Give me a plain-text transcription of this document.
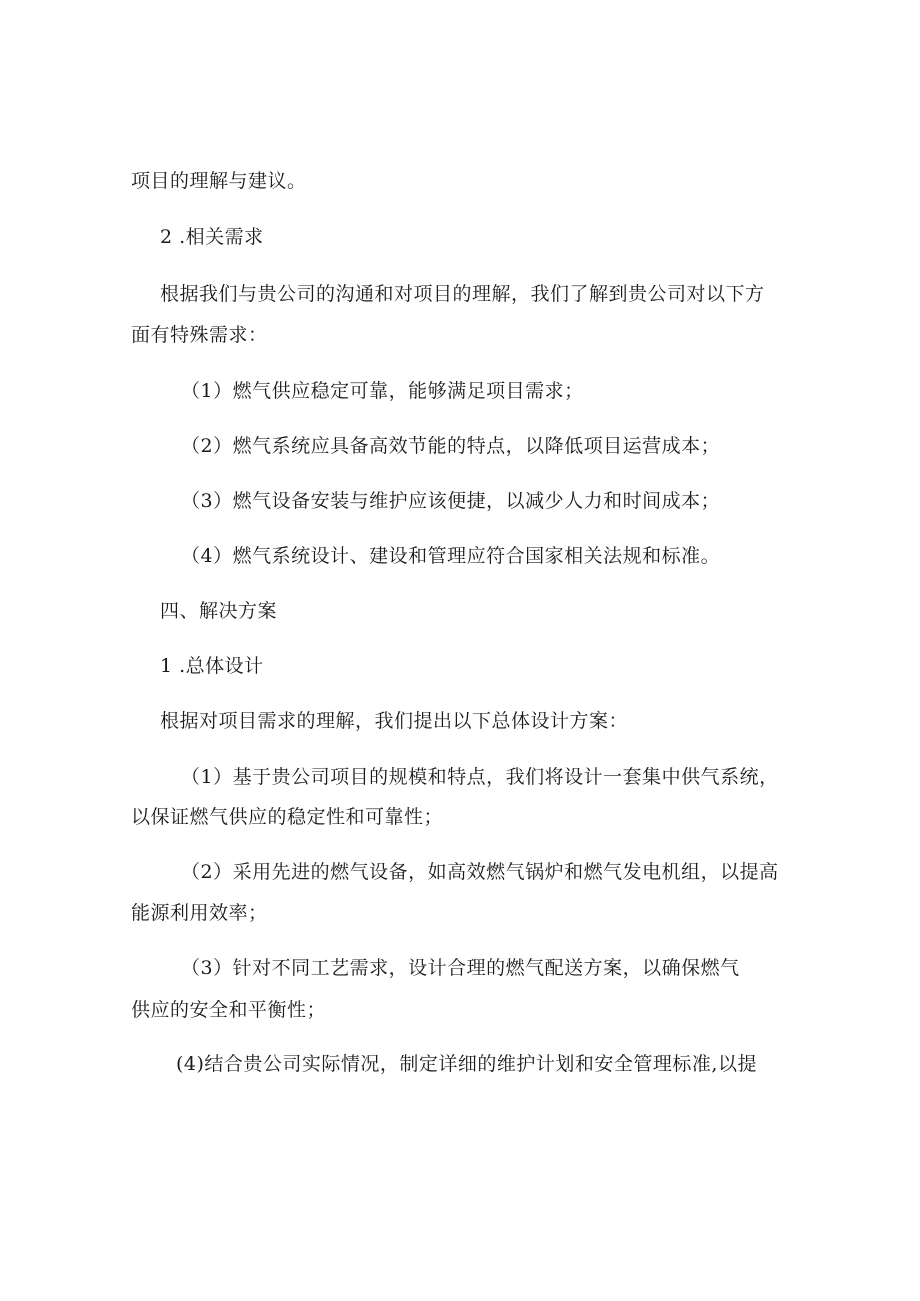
项目的理解与建议。
2 .相关需求
根据我们与贵公司的沟通和对项目的理解，我们了解到贵公司对以下方
面有特殊需求：
（1）燃气供应稳定可靠，能够满足项目需求；
（2）燃气系统应具备高效节能的特点，以降低项目运营成本；
（3）燃气设备安装与维护应该便捷，以减少人力和时间成本；
（4）燃气系统设计、建设和管理应符合国家相关法规和标准。
四、解决方案
1 .总体设计
根据对项目需求的理解，我们提出以下总体设计方案：
（1）基于贵公司项目的规模和特点，我们将设计一套集中供气系统，
以保证燃气供应的稳定性和可靠性；
（2）采用先进的燃气设备，如高效燃气锅炉和燃气发电机组，以提高
能源利用效率；
（3）针对不同工艺需求，设计合理的燃气配送方案，以确保燃气
供应的安全和平衡性；
(4)结合贵公司实际情况，制定详细的维护计划和安全管理标准,以提
